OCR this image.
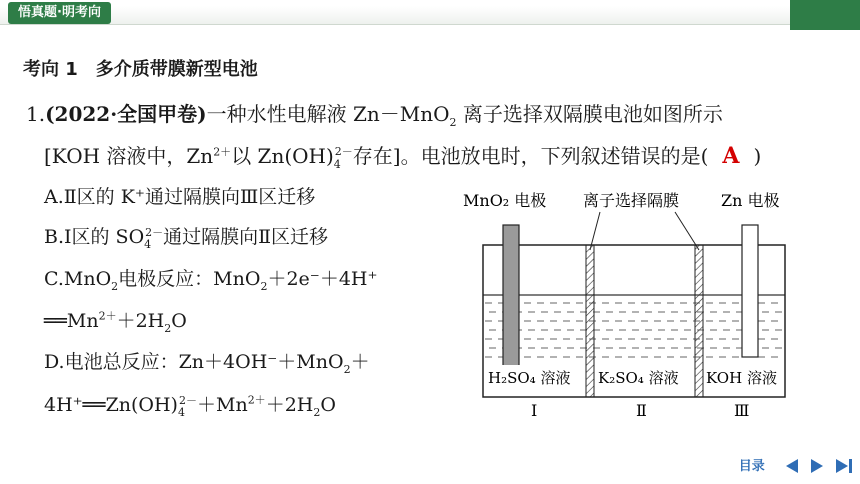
悟真题·明考向
考向 1 多介质带膜新型电池
1.(2022·全国甲卷)一种水性电解液 Zn－MnO$_2$ 离子选择双隔膜电池如图所示
[KOH 溶液中，$Zn^{2+}$以 $Zn(OH)_4^{2-}$存在]。电池放电时，下列叙述错误的是( A )
A.Ⅱ区的 K⁺通过隔膜向Ⅲ区迁移
B.Ⅰ区的 $SO_4^{2-}$通过隔膜向Ⅱ区迁移
C.MnO$_2$电极反应：MnO$_2$＋2e⁻＋4H⁺
$══Mn^{2+}+2H_2O$
D.电池总反应：Zn＋4OH⁻＋MnO$_2$＋
$4H^+══Zn(OH)_4^{2-}+Mn^{2+}+2H_2O$
MnO₂ 电极 离子选择隔膜	Zn 电极
H₂SO₄ 溶液 K₂SO₄ 溶液 KOH 溶液
Ⅰ	Ⅱ	Ⅲ
目录
